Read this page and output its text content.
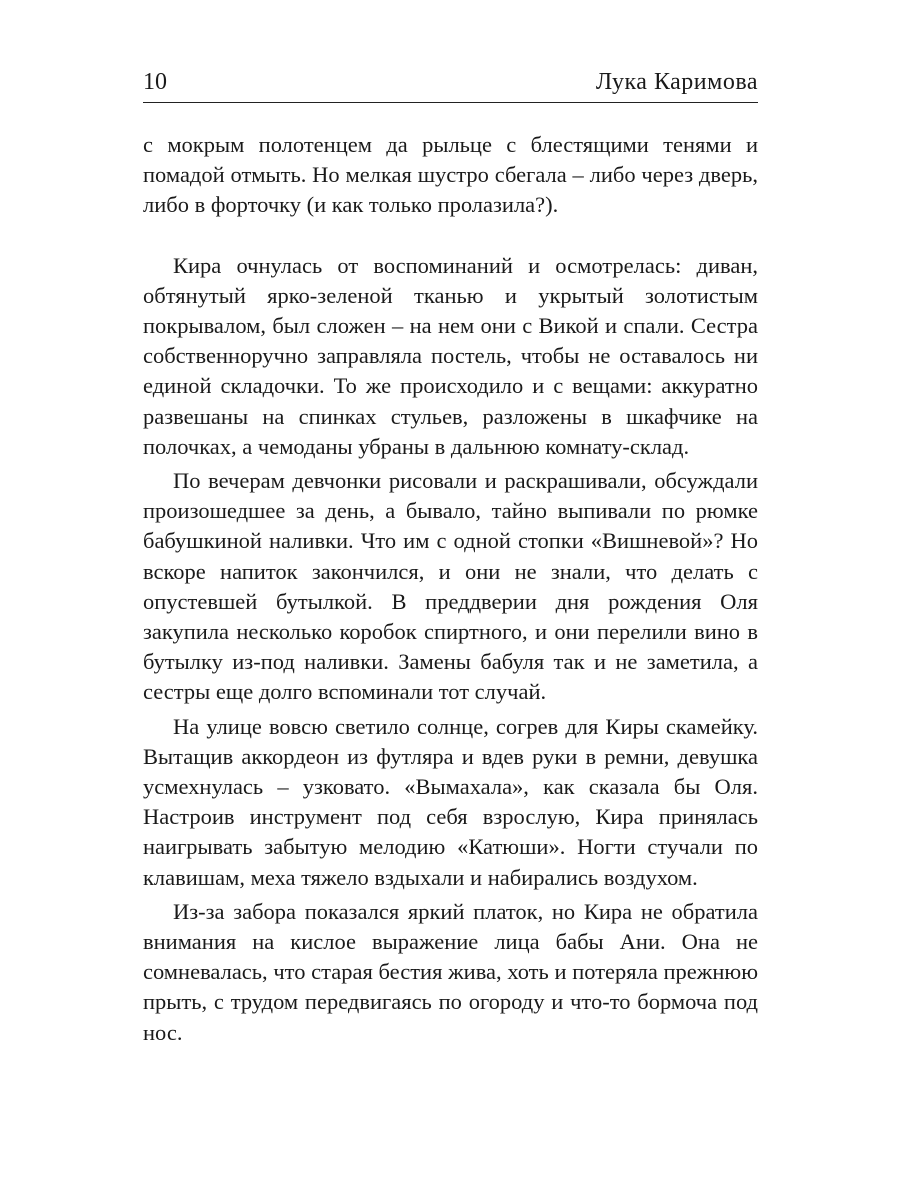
10	Лука Каримова

с мокрым полотенцем да рыльце с блестящими тенями и помадой отмыть. Но мелкая шустро сбегала – либо через дверь, либо в форточку (и как только пролазила?).

Кира очнулась от воспоминаний и осмотрелась: диван, обтянутый ярко-зеленой тканью и укрытый золотистым покрывалом, был сложен – на нем они с Викой и спали. Сестра собственноручно заправляла постель, чтобы не оставалось ни единой складочки. То же происходило и с вещами: аккуратно развешаны на спинках стульев, разложены в шкафчике на полочках, а чемоданы убраны в дальнюю комнату-склад.

По вечерам девчонки рисовали и раскрашивали, обсуждали произошедшее за день, а бывало, тайно выпивали по рюмке бабушкиной наливки. Что им с одной стопки «Вишневой»? Но вскоре напиток закончился, и они не знали, что делать с опустевшей бутылкой. В преддверии дня рождения Оля закупила несколько коробок спиртного, и они перелили вино в бутылку из-под наливки. Замены бабуля так и не заметила, а сестры еще долго вспоминали тот случай.

На улице вовсю светило солнце, согрев для Киры скамейку. Вытащив аккордеон из футляра и вдев руки в ремни, девушка усмехнулась – узковато. «Вымахала», как сказала бы Оля. Настроив инструмент под себя взрослую, Кира принялась наигрывать забытую мелодию «Катюши». Ногти стучали по клавишам, меха тяжело вздыхали и набирались воздухом.

Из-за забора показался яркий платок, но Кира не обратила внимания на кислое выражение лица бабы Ани. Она не сомневалась, что старая бестия жива, хоть и потеряла прежнюю прыть, с трудом передвигаясь по огороду и что-то бормоча под нос.
